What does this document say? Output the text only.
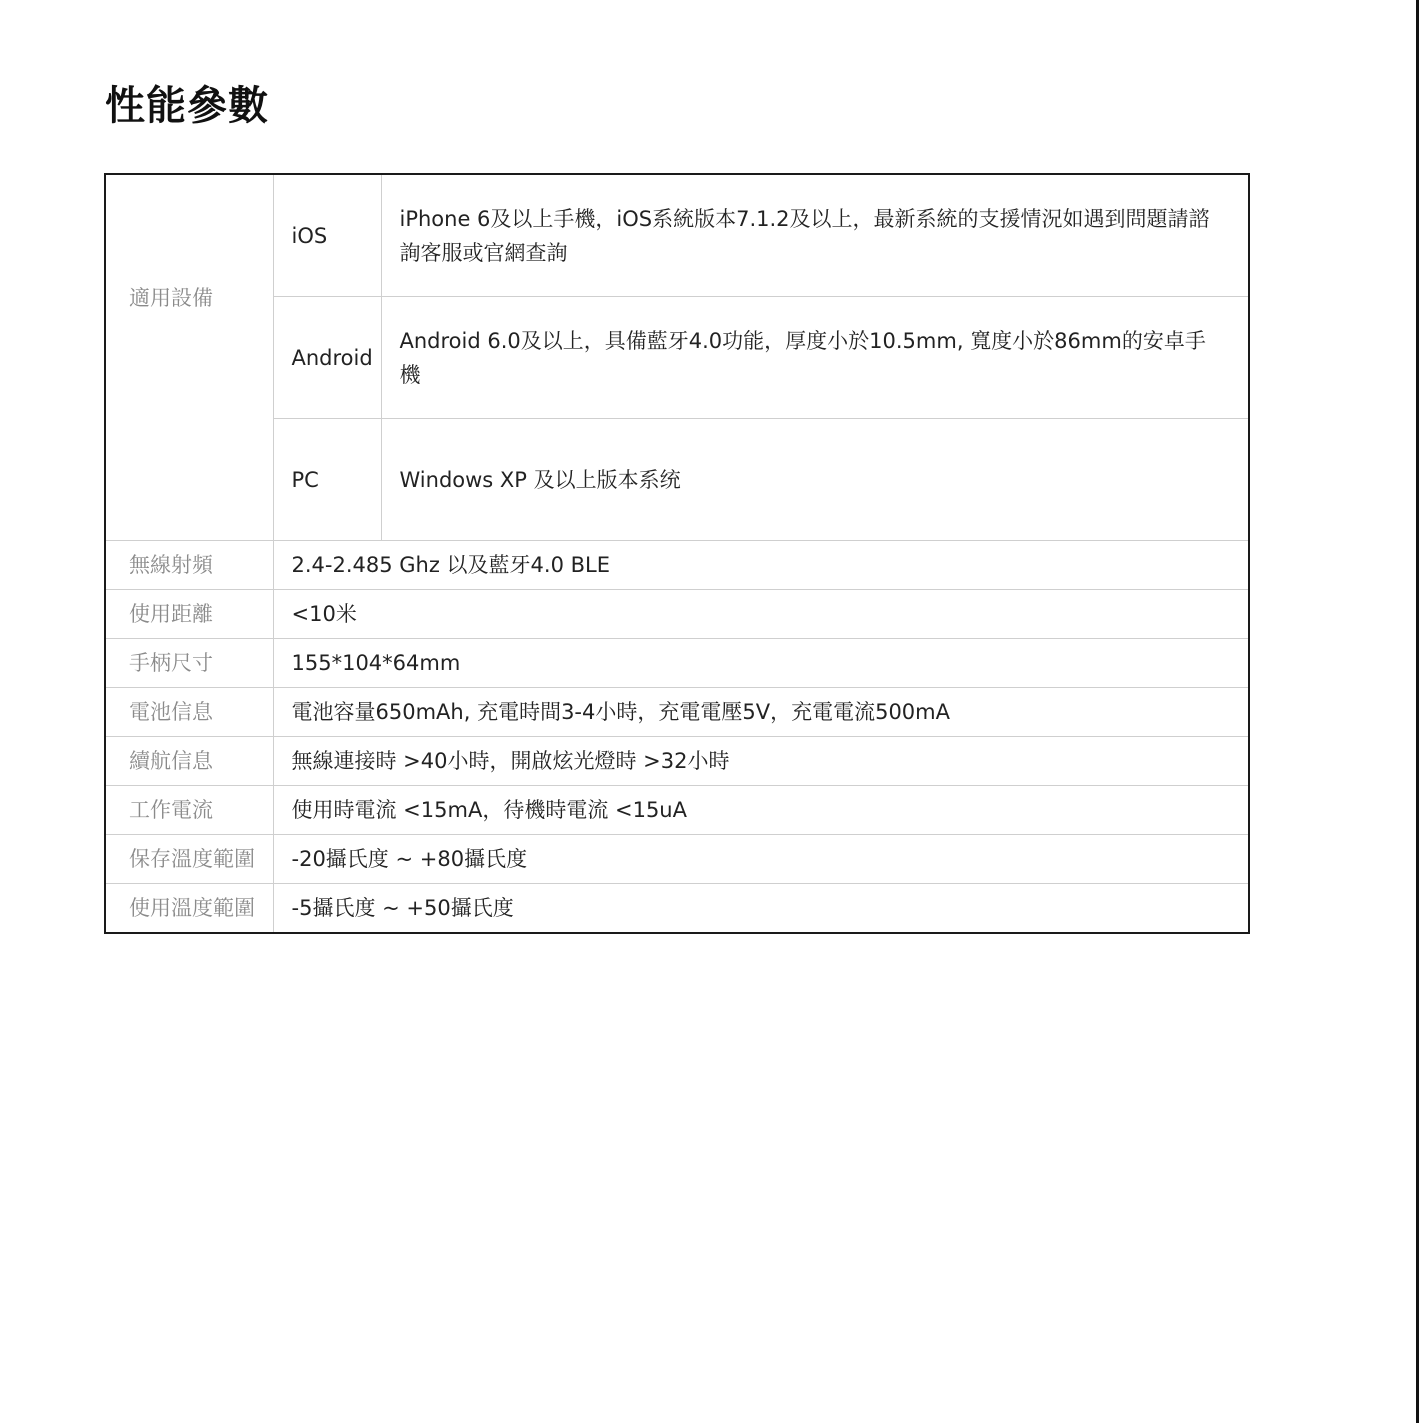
性能參數
適用設備	iOS	iPhone 6及以上手機，iOS系統版本7.1.2及以上，最新系統的支援情況如遇到問題請諮詢客服或官網查詢
	Android	Android 6.0及以上，具備藍牙4.0功能，厚度小於10.5mm, 寬度小於86mm的安卓手機
	PC	Windows XP 及以上版本系统
無線射頻	2.4-2.485 Ghz 以及藍牙4.0 BLE	
使用距離	<10米	
手柄尺寸	155*104*64mm	
電池信息	電池容量650mAh, 充電時間3-4小時，充電電壓5V，充電電流500mA	
續航信息	無線連接時 >40小時，開啟炫光燈時 >32小時	
工作電流	使用時電流 <15mA，待機時電流 <15uA	
保存溫度範圍	-20攝氏度 ~ +80攝氏度	
使用溫度範圍	-5攝氏度 ~ +50攝氏度	
